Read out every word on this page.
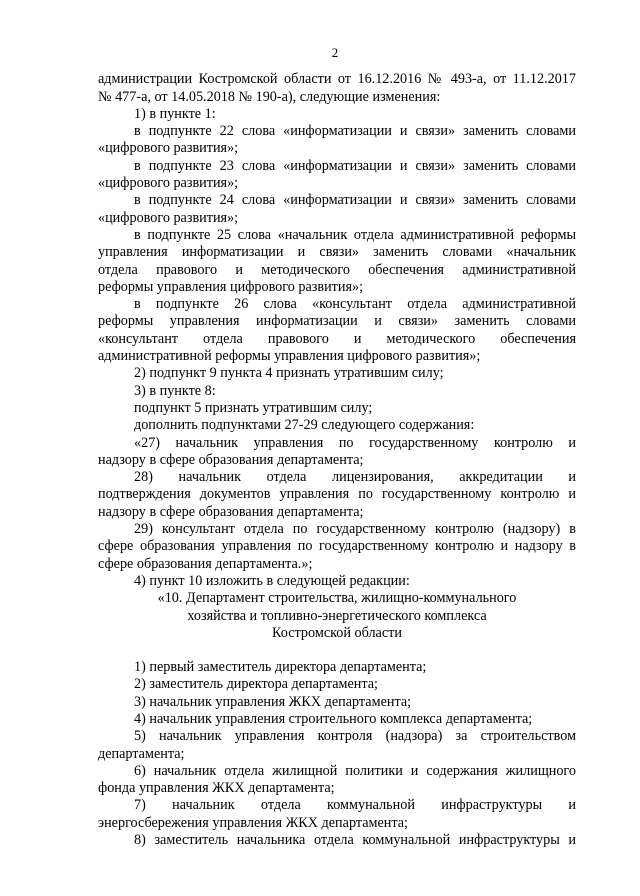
2
администрации Костромской области от 16.12.2016 № 493-а, от 11.12.2017
№ 477-а, от 14.05.2018 № 190-а), следующие изменения:
1) в пункте 1:
в подпункте 22 слова «информатизации и связи» заменить словами
«цифрового развития»;
в подпункте 23 слова «информатизации и связи» заменить словами
«цифрового развития»;
в подпункте 24 слова «информатизации и связи» заменить словами
«цифрового развития»;
в подпункте 25 слова «начальник отдела административной реформы
управления информатизации и связи» заменить словами «начальник
отдела правового и методического обеспечения административной
реформы управления цифрового развития»;
в подпункте 26 слова «консультант отдела административной
реформы управления информатизации и связи» заменить словами
«консультант отдела правового и методического обеспечения
административной реформы управления цифрового развития»;
2) подпункт 9 пункта 4 признать утратившим силу;
3) в пункте 8:
подпункт 5 признать утратившим силу;
дополнить подпунктами 27-29 следующего содержания:
«27) начальник управления по государственному контролю и
надзору в сфере образования департамента;
28) начальник отдела лицензирования, аккредитации и
подтверждения документов управления по государственному контролю и
надзору в сфере образования департамента;
29) консультант отдела по государственному контролю (надзору) в
сфере образования управления по государственному контролю и надзору в
сфере образования департамента.»;
4) пункт 10 изложить в следующей редакции:
«10. Департамент строительства, жилищно-коммунального
хозяйства и топливно-энергетического комплекса
Костромской области
1) первый заместитель директора департамента;
2) заместитель директора департамента;
3) начальник управления ЖКХ департамента;
4) начальник управления строительного комплекса департамента;
5) начальник управления контроля (надзора) за строительством
департамента;
6) начальник отдела жилищной политики и содержания жилищного
фонда управления ЖКХ департамента;
7) начальник отдела коммунальной инфраструктуры и
энергосбережения управления ЖКХ департамента;
8) заместитель начальника отдела коммунальной инфраструктуры и
